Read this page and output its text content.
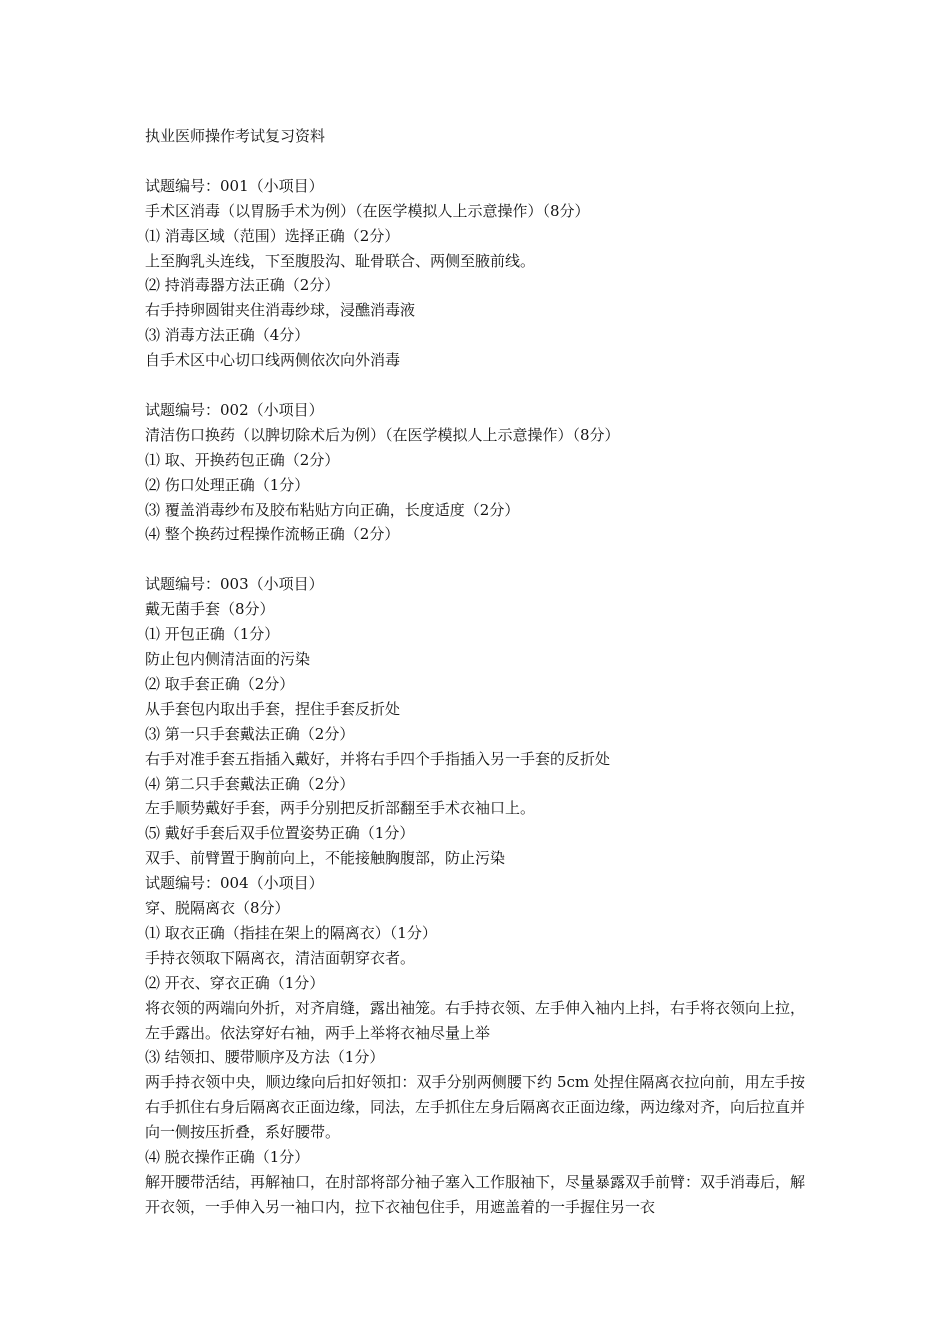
执业医师操作考试复习资料
试题编号：001（小项目）
手术区消毒（以胃肠手术为例）（在医学模拟人上示意操作）（8分）
⑴ 消毒区域（范围）选择正确（2分）
上至胸乳头连线，下至腹股沟、耻骨联合、两侧至腋前线。
⑵ 持消毒器方法正确（2分）
右手持卵圆钳夹住消毒纱球，浸醮消毒液
⑶ 消毒方法正确（4分）
自手术区中心切口线两侧依次向外消毒
试题编号：002（小项目）
清洁伤口换药（以脾切除术后为例）（在医学模拟人上示意操作）（8分）
⑴ 取、开换药包正确（2分）
⑵ 伤口处理正确（1分）
⑶ 覆盖消毒纱布及胶布粘贴方向正确，长度适度（2分）
⑷ 整个换药过程操作流畅正确（2分）
试题编号：003（小项目）
戴无菌手套（8分）
⑴ 开包正确（1分）
防止包内侧清洁面的污染
⑵ 取手套正确（2分）
从手套包内取出手套，捏住手套反折处
⑶ 第一只手套戴法正确（2分）
右手对准手套五指插入戴好，并将右手四个手指插入另一手套的反折处
⑷ 第二只手套戴法正确（2分）
左手顺势戴好手套，两手分别把反折部翻至手术衣袖口上。
⑸ 戴好手套后双手位置姿势正确（1分）
双手、前臂置于胸前向上，不能接触胸腹部，防止污染
试题编号：004（小项目）
穿、脱隔离衣（8分）
⑴ 取衣正确（指挂在架上的隔离衣）（1分）
手持衣领取下隔离衣，清洁面朝穿衣者。
⑵ 开衣、穿衣正确（1分）
将衣领的两端向外折，对齐肩缝，露出袖笼。右手持衣领、左手伸入袖内上抖，右手将衣领向上拉，左手露出。依法穿好右袖，两手上举将衣袖尽量上举
⑶ 结领扣、腰带顺序及方法（1分）
两手持衣领中央，顺边缘向后扣好领扣：双手分别两侧腰下约 5cm 处捏住隔离衣拉向前，用左手按右手抓住右身后隔离衣正面边缘，同法，左手抓住左身后隔离衣正面边缘，两边缘对齐，向后拉直并向一侧按压折叠，系好腰带。
⑷ 脱衣操作正确（1分）
解开腰带活结，再解袖口，在肘部将部分袖子塞入工作服袖下，尽量暴露双手前臂：双手消毒后，解开衣领，一手伸入另一袖口内，拉下衣袖包住手，用遮盖着的一手握住另一衣
